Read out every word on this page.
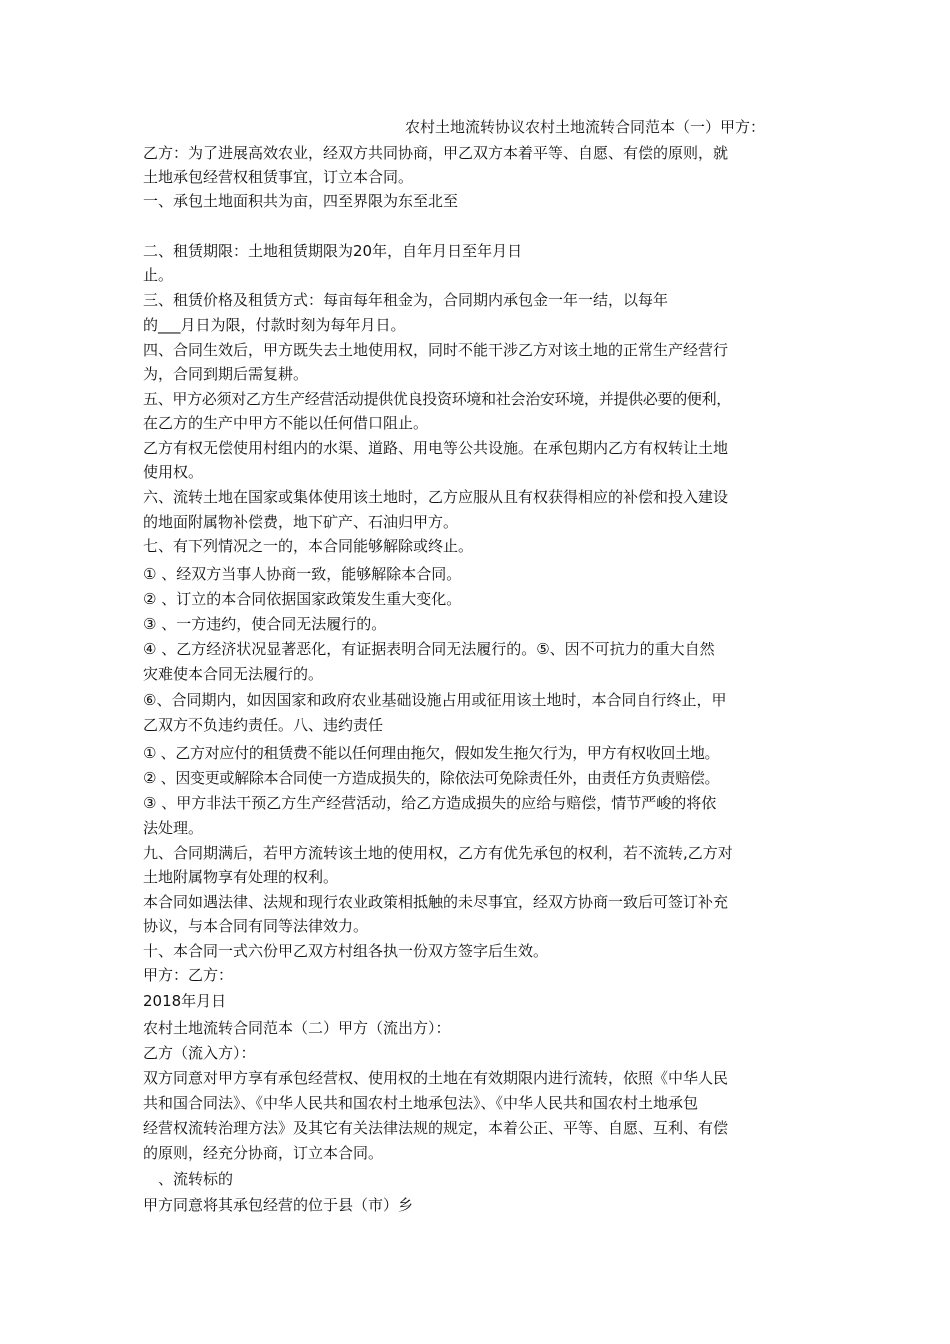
农村土地流转协议农村土地流转合同范本（一）甲方：
乙方：为了进展高效农业，经双方共同协商，甲乙双方本着平等、自愿、有偿的原则，就
土地承包经营权租赁事宜，订立本合同。
一、承包土地面积共为亩，四至界限为东至北至
二、租赁期限：土地租赁期限为20年，自年月日至年月日
止。
三、租赁价格及租赁方式：每亩每年租金为，合同期内承包金一年一结，以每年
的___月日为限，付款时刻为每年月日。
四、合同生效后，甲方既失去土地使用权，同时不能干涉乙方对该土地的正常生产经营行
为，合同到期后需复耕。
五、甲方必须对乙方生产经营活动提供优良投资环境和社会治安环境，并提供必要的便利，
在乙方的生产中甲方不能以任何借口阻止。
乙方有权无偿使用村组内的水渠、道路、用电等公共设施。在承包期内乙方有权转让土地
使用权。
六、流转土地在国家或集体使用该土地时，乙方应服从且有权获得相应的补偿和投入建设
的地面附属物补偿费，地下矿产、石油归甲方。
七、有下列情况之一的，本合同能够解除或终止。
① 、经双方当事人协商一致，能够解除本合同。
② 、订立的本合同依据国家政策发生重大变化。
③ 、一方违约，使合同无法履行的。
④ 、乙方经济状况显著恶化，有证据表明合同无法履行的。⑤、因不可抗力的重大自然
灾难使本合同无法履行的。
⑥、合同期内，如因国家和政府农业基础设施占用或征用该土地时，本合同自行终止，甲
乙双方不负违约责任。八、违约责任
① 、乙方对应付的租赁费不能以任何理由拖欠，假如发生拖欠行为，甲方有权收回土地。
② 、因变更或解除本合同使一方造成损失的，除依法可免除责任外，由责任方负责赔偿。
③ 、甲方非法干预乙方生产经营活动，给乙方造成损失的应给与赔偿，情节严峻的将依
法处理。
九、合同期满后，若甲方流转该土地的使用权，乙方有优先承包的权利，若不流转,乙方对
土地附属物享有处理的权利。
本合同如遇法律、法规和现行农业政策相抵触的未尽事宜，经双方协商一致后可签订补充
协议，与本合同有同等法律效力。
十、本合同一式六份甲乙双方村组各执一份双方签字后生效。
甲方：乙方：
2018年月日
农村土地流转合同范本（二）甲方（流出方）：
乙方（流入方）：
双方同意对甲方享有承包经营权、使用权的土地在有效期限内进行流转，依照《中华人民
共和国合同法》、《中华人民共和国农村土地承包法》、《中华人民共和国农村土地承包
经营权流转治理方法》及其它有关法律法规的规定，本着公正、平等、自愿、互利、有偿
的原则，经充分协商，订立本合同。
、流转标的
甲方同意将其承包经营的位于县（市）乡
